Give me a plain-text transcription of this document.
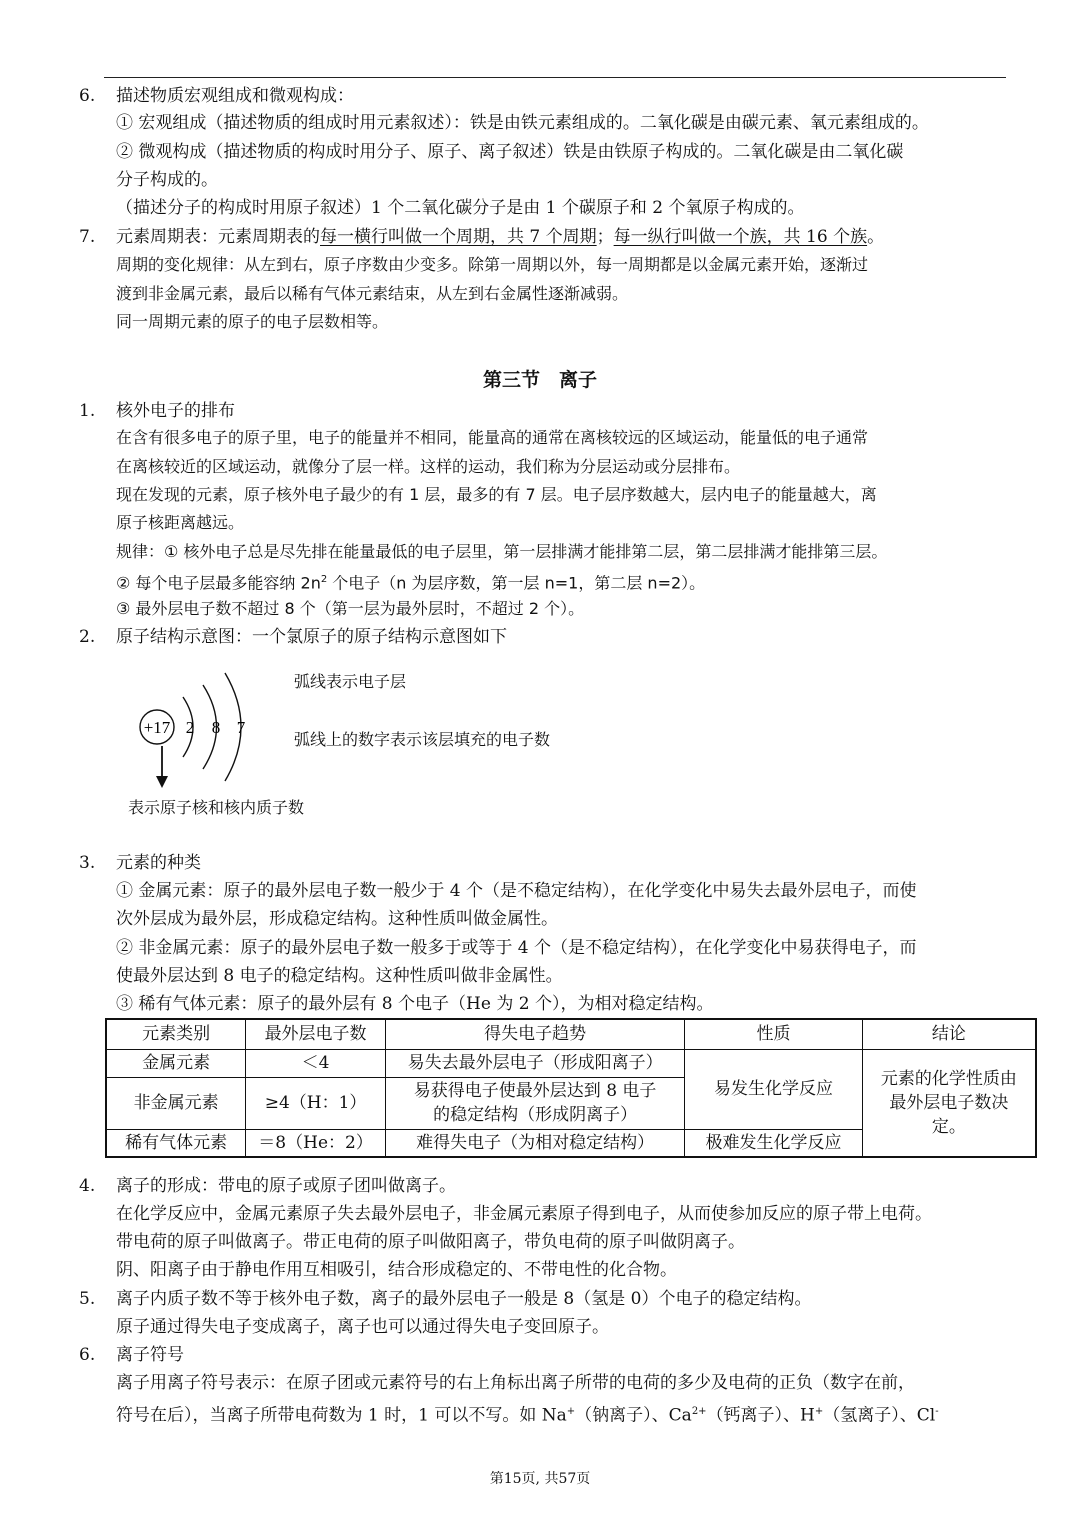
6. 描述物质宏观组成和微观构成：
① 宏观组成（描述物质的组成时用元素叙述）：铁是由铁元素组成的。二氧化碳是由碳元素、氧元素组成的。
② 微观构成（描述物质的构成时用分子、原子、离子叙述）铁是由铁原子构成的。二氧化碳是由二氧化碳
分子构成的。
（描述分子的构成时用原子叙述）1 个二氧化碳分子是由 1 个碳原子和 2 个氧原子构成的。
7. 元素周期表：元素周期表的每一横行叫做一个周期，共 7 个周期；每一纵行叫做一个族，共 16 个族。
周期的变化规律：从左到右，原子序数由少变多。除第一周期以外，每一周期都是以金属元素开始，逐渐过
渡到非金属元素，最后以稀有气体元素结束，从左到右金属性逐渐减弱。
同一周期元素的原子的电子层数相等。
第三节　离子
1. 核外电子的排布
在含有很多电子的原子里，电子的能量并不相同，能量高的通常在离核较远的区域运动，能量低的电子通常
在离核较近的区域运动，就像分了层一样。这样的运动，我们称为分层运动或分层排布。
现在发现的元素，原子核外电子最少的有 1 层，最多的有 7 层。电子层序数越大，层内电子的能量越大，离
原子核距离越远。
规律：① 核外电子总是尽先排在能量最低的电子层里，第一层排满才能排第二层，第二层排满才能排第三层。
② 每个电子层最多能容纳 $2n^2$ 个电子（n 为层序数，第一层 n=1，第二层 n=2）。
③ 最外层电子数不超过 8 个（第一层为最外层时，不超过 2 个）。
2. 原子结构示意图：一个氯原子的原子结构示意图如下
+17 2 8 7
弧线表示电子层
弧线上的数字表示该层填充的电子数
表示原子核和核内质子数
3. 元素的种类
① 金属元素：原子的最外层电子数一般少于 4 个（是不稳定结构），在化学变化中易失去最外层电子，而使
次外层成为最外层，形成稳定结构。这种性质叫做金属性。
② 非金属元素：原子的最外层电子数一般多于或等于 4 个（是不稳定结构），在化学变化中易获得电子，而
使最外层达到 8 电子的稳定结构。这种性质叫做非金属性。
③ 稀有气体元素：原子的最外层有 8 个电子（He 为 2 个），为相对稳定结构。
元素类别	最外层电子数	得失电子趋势	性质	结论
金属元素	＜4	易失去最外层电子（形成阳离子）	易发生化学反应	元素的化学性质由
最外层电子数决
定。

非金属元素	≥4（H：1）	易获得电子使最外层达到 8 电子
的稳定结构（形成阴离子）		

稀有气体元素	＝8（He：2）	难得失电子（为相对稳定结构）	极难发生化学反应	
4. 离子的形成：带电的原子或原子团叫做离子。
在化学反应中，金属元素原子失去最外层电子，非金属元素原子得到电子，从而使参加反应的原子带上电荷。
带电荷的原子叫做离子。带正电荷的原子叫做阳离子，带负电荷的原子叫做阴离子。
阴、阳离子由于静电作用互相吸引，结合形成稳定的、不带电性的化合物。
5. 离子内质子数不等于核外电子数，离子的最外层电子一般是 8（氢是 0）个电子的稳定结构。
原子通过得失电子变成离子，离子也可以通过得失电子变回原子。
6. 离子符号
离子用离子符号表示：在原子团或元素符号的右上角标出离子所带的电荷的多少及电荷的正负（数字在前，
符号在后），当离子所带电荷数为 1 时，1 可以不写。如 Na+（钠离子）、$Ca^{2+}$（钙离子）、H+（氢离子）、Cl-
第15页, 共57页
